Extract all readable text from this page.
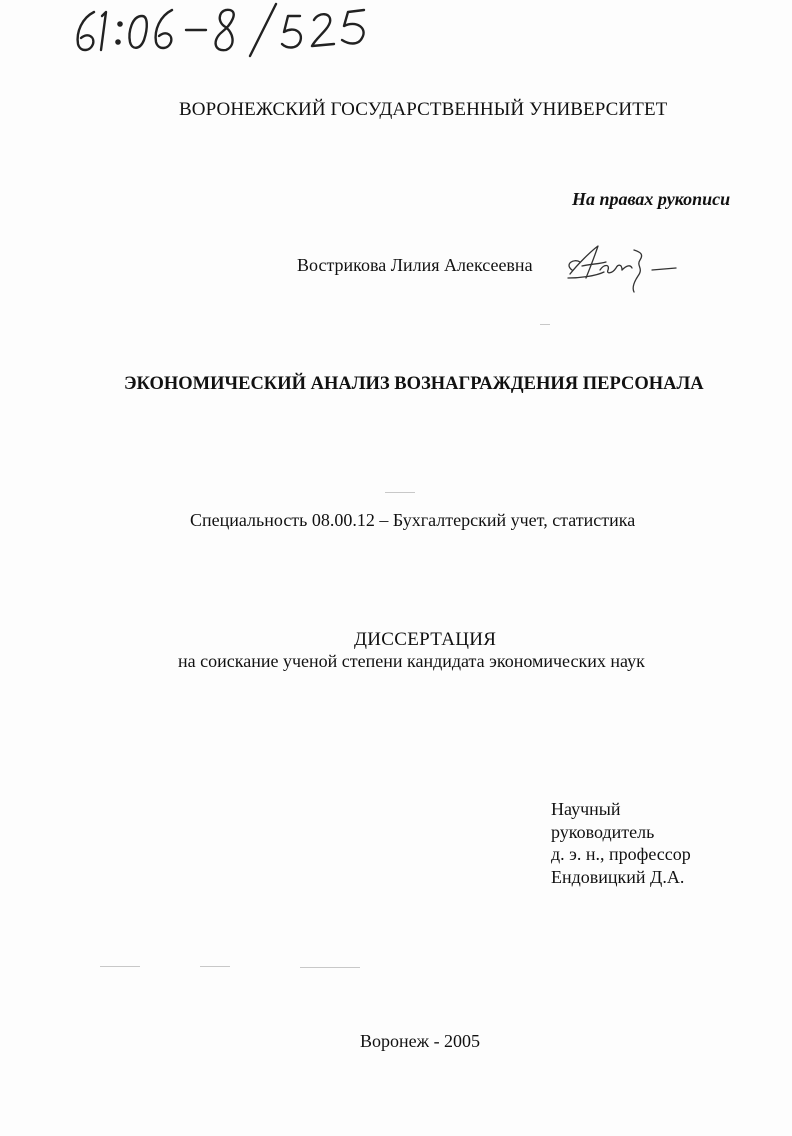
ВОРОНЕЖСКИЙ ГОСУДАРСТВЕННЫЙ УНИВЕРСИТЕТ
На правах рукописи
Вострикова Лилия Алексеевна
ЭКОНОМИЧЕСКИЙ АНАЛИЗ ВОЗНАГРАЖДЕНИЯ ПЕРСОНАЛА
Специальность 08.00.12 – Бухгалтерский учет, статистика
ДИССЕРТАЦИЯ
на соискание ученой степени кандидата экономических наук
Научный
руководитель
д. э. н., профессор
Ендовицкий Д.А.
Воронеж - 2005
